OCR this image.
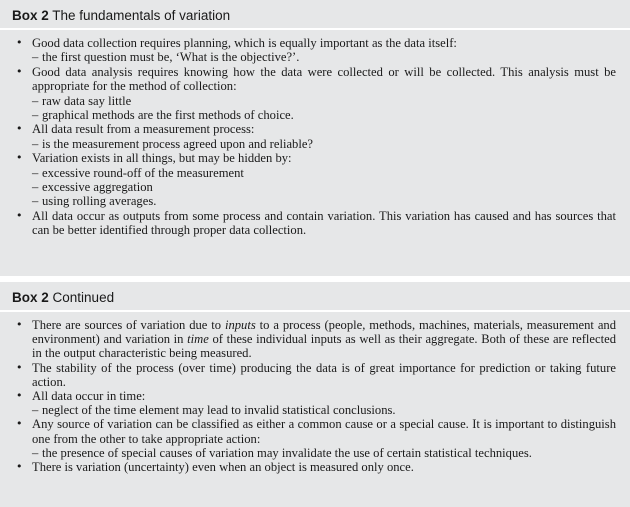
Box 2 The fundamentals of variation
• Good data collection requires planning, which is equally important as the data itself:
– the first question must be, ‘What is the objective?’.
• Good data analysis requires knowing how the data were collected or will be collected. This analysis must be appropriate for the method of collection:
– raw data say little
– graphical methods are the first methods of choice.
• All data result from a measurement process:
– is the measurement process agreed upon and reliable?
• Variation exists in all things, but may be hidden by:
– excessive round-off of the measurement
– excessive aggregation
– using rolling averages.
• All data occur as outputs from some process and contain variation. This variation has caused and has sources that can be better identified through proper data collection.
Box 2 Continued
• There are sources of variation due to inputs to a process (people, methods, machines, materials, measurement and environment) and variation in time of these individual inputs as well as their aggregate. Both of these are reflected in the output characteristic being measured.
• The stability of the process (over time) producing the data is of great importance for prediction or taking future action.
• All data occur in time:
– neglect of the time element may lead to invalid statistical conclusions.
• Any source of variation can be classified as either a common cause or a special cause. It is important to distinguish one from the other to take appropriate action:
– the presence of special causes of variation may invalidate the use of certain statistical techniques.
• There is variation (uncertainty) even when an object is measured only once.
